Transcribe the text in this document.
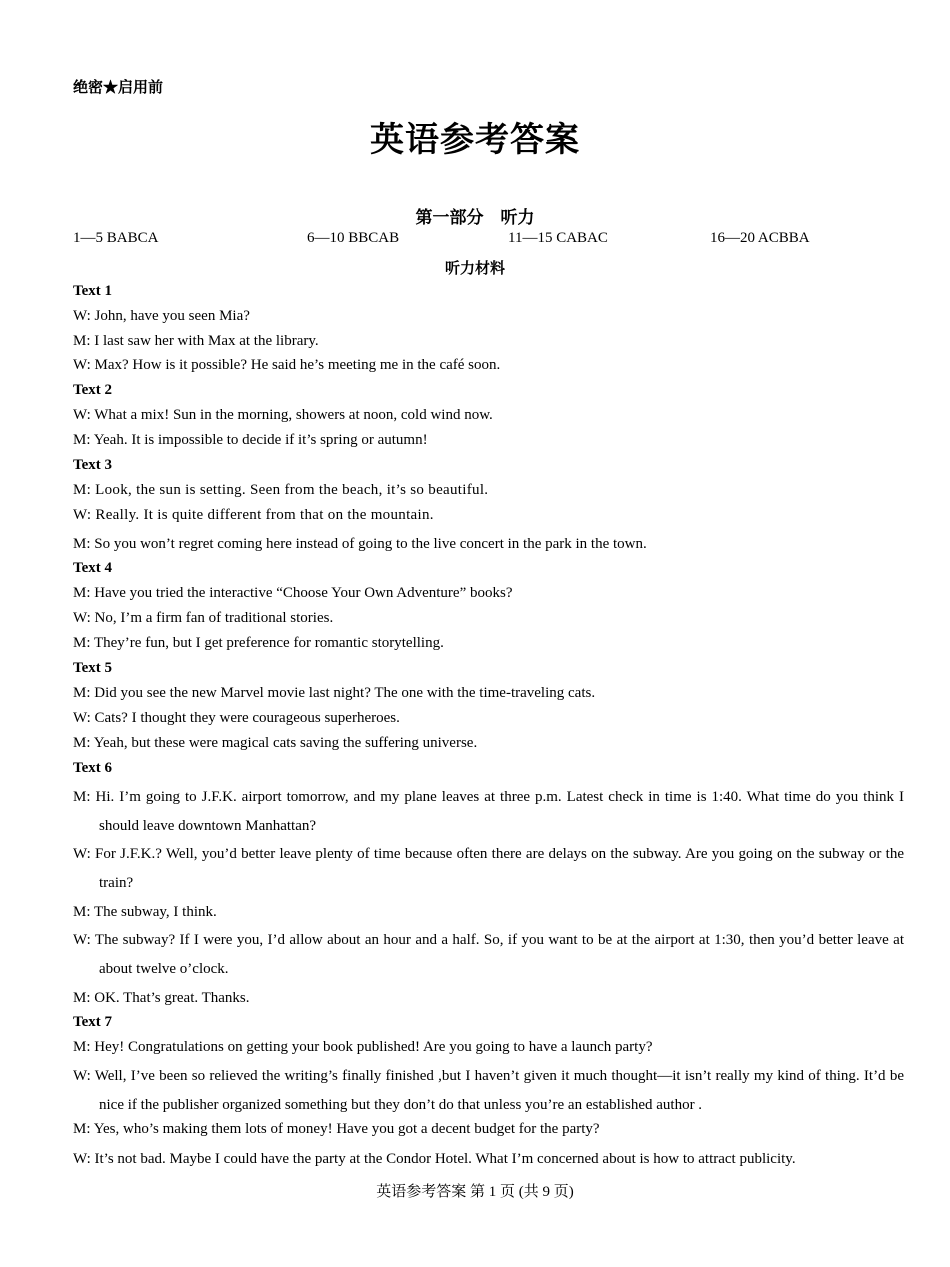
绝密★启用前
英语参考答案
第一部分　听力
1—5 BABCA	6—10 BBCAB	11—15 CABAC	16—20 ACBBA
听力材料
Text 1
W: John, have you seen Mia?
M: I last saw her with Max at the library.
W: Max? How is it possible? He said he’s meeting me in the café soon.
Text 2
W: What a mix! Sun in the morning, showers at noon, cold wind now.
M: Yeah. It is impossible to decide if it’s spring or autumn!
Text 3
M: Look, the sun is setting. Seen from the beach, it’s so beautiful.
W: Really. It is quite different from that on the mountain.
M: So you won’t regret coming here instead of going to the live concert in the park in the town.
Text 4
M: Have you tried the interactive “Choose Your Own Adventure” books?
W: No, I’m a firm fan of traditional stories.
M: They’re fun, but I get preference for romantic storytelling.
Text 5
M: Did you see the new Marvel movie last night? The one with the time-traveling cats.
W: Cats? I thought they were courageous superheroes.
M: Yeah, but these were magical cats saving the suffering universe.
Text 6
M: Hi. I’m going to J.F.K. airport tomorrow, and my plane leaves at three p.m. Latest check in time is 1:40. What time do you think I should leave downtown Manhattan?
W: For J.F.K.? Well, you’d better leave plenty of time because often there are delays on the subway. Are you going on the subway or the train?
M: The subway, I think.
W: The subway? If I were you, I’d allow about an hour and a half. So, if you want to be at the airport at 1:30, then you’d better leave at about twelve o’clock.
M: OK. That’s great. Thanks.
Text 7
M: Hey! Congratulations on getting your book published! Are you going to have a launch party?
W: Well, I’ve been so relieved the writing’s finally finished ,but I haven’t given it much thought—it isn’t really my kind of thing. It’d be nice if the publisher organized something but they don’t do that unless you’re an established author .
M: Yes, who’s making them lots of money! Have you got a decent budget for the party?
W: It’s not bad. Maybe I could have the party at the Condor Hotel. What I’m concerned about is how to attract publicity.
英语参考答案 第 1 页 (共 9 页)
